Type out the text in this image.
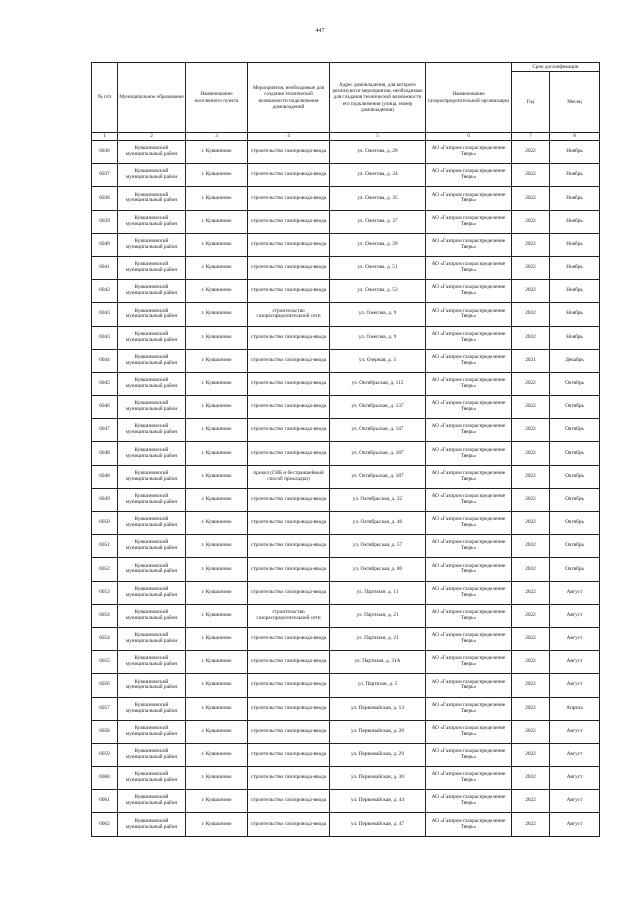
447
№ п/п	Муниципальное образование	Наименование населенного пункта	Мероприятия, необходимые для создания технической возможности подключения домовладений	Адрес домовладения, для которого реализуются мероприятия, необходимые для создания технической возможности его подключения (улица, номер домовладения)	Наименование газораспределительной организации	Срок догазификации	
						Год	Месяц
1	2	3	4	5	6	7	8
6036	Кувшиновский муниципальный район	г. Кувшиново	строительство газопровода-ввода	ул. Ожегова, д. 28	АО «Газпром газораспределение Тверь»	2022	Ноябрь
6037	Кувшиновский муниципальный район	г. Кувшиново	строительство газопровода-ввода	ул. Ожегова, д. 34	АО «Газпром газораспределение Тверь»	2022	Ноябрь
6038	Кувшиновский муниципальный район	г. Кувшиново	строительство газопровода-ввода	ул. Ожегова, д. 35	АО «Газпром газораспределение Тверь»	2022	Ноябрь
6039	Кувшиновский муниципальный район	г. Кувшиново	строительство газопровода-ввода	ул. Ожегова, д. 37	АО «Газпром газораспределение Тверь»	2022	Ноябрь
6040	Кувшиновский муниципальный район	г. Кувшиново	строительство газопровода-ввода	ул. Ожегова, д. 39	АО «Газпром газораспределение Тверь»	2022	Ноябрь
6041	Кувшиновский муниципальный район	г. Кувшиново	строительство газопровода-ввода	ул. Ожегова, д. 51	АО «Газпром газораспределение Тверь»	2022	Ноябрь
6042	Кувшиновский муниципальный район	г. Кувшиново	строительство газопровода-ввода	ул. Ожегова, д. 53	АО «Газпром газораспределение Тверь»	2022	Ноябрь
6043	Кувшиновский муниципальный район	г. Кувшиново	строительство газораспределительной сети	ул. Ожегова, д. 9	АО «Газпром газораспределение Тверь»	2022	Ноябрь
6043	Кувшиновский муниципальный район	г. Кувшиново	строительство газопровода-ввода	ул. Ожегова, д. 9	АО «Газпром газораспределение Тверь»	2022	Ноябрь
6044	Кувшиновский муниципальный район	г. Кувшиново	строительство газопровода-ввода	ул. Озерная, д. 3	АО «Газпром газораспределение Тверь»	2021	Декабрь
6045	Кувшиновский муниципальный район	г. Кувшиново	строительство газопровода-ввода	ул. Октябрьская, д. 115	АО «Газпром газораспределение Тверь»	2022	Октябрь
6046	Кувшиновский муниципальный район	г. Кувшиново	строительство газопровода-ввода	ул. Октябрьская, д. 137	АО «Газпром газораспределение Тверь»	2022	Октябрь
6047	Кувшиновский муниципальный район	г. Кувшиново	строительство газопровода-ввода	ул. Октябрьская, д. 147	АО «Газпром газораспределение Тверь»	2022	Октябрь
6048	Кувшиновский муниципальный район	г. Кувшиново	строительство газопровода-ввода	ул. Октябрьская, д. 187	АО «Газпром газораспределение Тверь»	2022	Октябрь
6048	Кувшиновский муниципальный район	г. Кувшиново	прокол (ГНБ и бестраншейный способ прокладки)	ул. Октябрьская, д. 187	АО «Газпром газораспределение Тверь»	2022	Октябрь
6049	Кувшиновский муниципальный район	г. Кувшиново	строительство газопровода-ввода	ул. Октябрьская, д. 22	АО «Газпром газораспределение Тверь»	2022	Октябрь
6050	Кувшиновский муниципальный район	г. Кувшиново	строительство газопровода-ввода	ул. Октябрьская, д. 46	АО «Газпром газораспределение Тверь»	2022	Октябрь
6051	Кувшиновский муниципальный район	г. Кувшиново	строительство газопровода-ввода	ул. Октябрьская, д. 57	АО «Газпром газораспределение Тверь»	2022	Октябрь
6052	Кувшиновский муниципальный район	г. Кувшиново	строительство газопровода-ввода	ул. Октябрьская, д. 80	АО «Газпром газораспределение Тверь»	2022	Октябрь
6053	Кувшиновский муниципальный район	г. Кувшиново	строительство газопровода-ввода	ул. Партизан, д. 11	АО «Газпром газораспределение Тверь»	2022	Август
6054	Кувшиновский муниципальный район	г. Кувшиново	строительство газораспределительной сети	ул. Партизан, д. 21	АО «Газпром газораспределение Тверь»	2022	Август
6054	Кувшиновский муниципальный район	г. Кувшиново	строительство газопровода-ввода	ул. Партизан, д. 21	АО «Газпром газораспределение Тверь»	2022	Август
6055	Кувшиновский муниципальный район	г. Кувшиново	строительство газопровода-ввода	ул. Партизан, д. 31А	АО «Газпром газораспределение Тверь»	2022	Август
6056	Кувшиновский муниципальный район	г. Кувшиново	строительство газопровода-ввода	ул. Партизан, д. 5	АО «Газпром газораспределение Тверь»	2022	Август
6057	Кувшиновский муниципальный район	г. Кувшиново	строительство газопровода-ввода	ул. Первомайская, д. 13	АО «Газпром газораспределение Тверь»	2022	Апрель
6058	Кувшиновский муниципальный район	г. Кувшиново	строительство газопровода-ввода	ул. Первомайская, д. 20	АО «Газпром газораспределение Тверь»	2022	Август
6059	Кувшиновский муниципальный район	г. Кувшиново	строительство газопровода-ввода	ул. Первомайская, д. 29	АО «Газпром газораспределение Тверь»	2022	Август
6060	Кувшиновский муниципальный район	г. Кувшиново	строительство газопровода-ввода	ул. Первомайская, д. 30	АО «Газпром газораспределение Тверь»	2022	Август
6061	Кувшиновский муниципальный район	г. Кувшиново	строительство газопровода-ввода	ул. Первомайская, д. 44	АО «Газпром газораспределение Тверь»	2022	Август
6062	Кувшиновский муниципальный район	г. Кувшиново	строительство газопровода-ввода	ул. Первомайская, д. 47	АО «Газпром газораспределение Тверь»	2022	Август
